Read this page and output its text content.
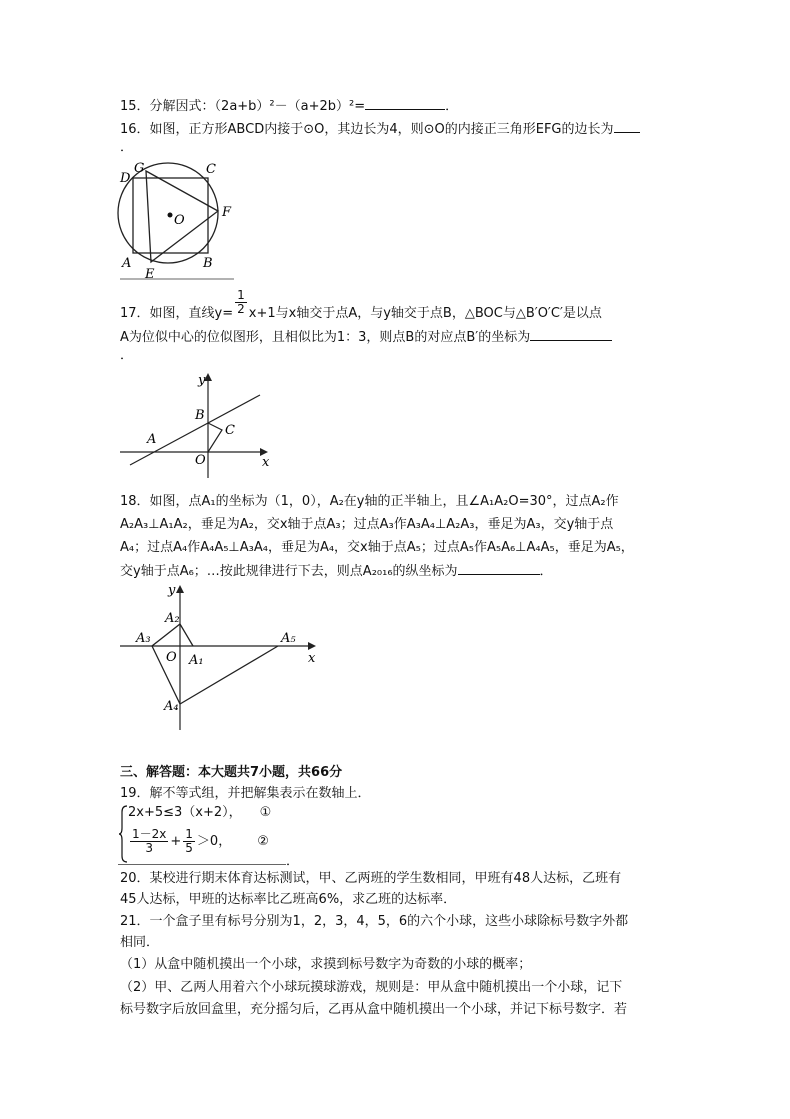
15．分解因式：（2a+b）²－（a+2b）²=	．
16．如图，正方形ABCD内接于⊙O，其边长为4，则⊙O的内接正三角形EFG的边长为
．
D
G	C
O
F
A
E
B
17．如图，直线$y= \frac{1}{2} x+1$与x轴交于点A，与y轴交于点B，△BOC与△B′O′C′是以点
A为位似中心的位似图形，且相似比为1：3，则点B的对应点B′的坐标为
．
y
B
C
A
O	x
18．如图，点A₁的坐标为（1，0），A₂在y轴的正半轴上，且∠A₁A₂O=30°，过点A₂作
A₂A₃⊥A₁A₂，垂足为A₂，交x轴于点A₃；过点A₃作A₃A₄⊥A₂A₃，垂足为A₃，交y轴于点
A₄；过点A₄作A₄A₅⊥A₃A₄，垂足为A₄，交x轴于点A₅；过点A₅作A₅A₆⊥A₄A₅，垂足为A₅，
交y轴于点A₆；…按此规律进行下去，则点A₂₀₁₆的纵坐标为	．
y
A₂
A₃
O A₁
A₅
x
A₄
三、解答题：本大题共7小题，共66分
19．解不等式组，并把解集表示在数轴上．
2x+5≤3（x+2）， ①
$\frac{1-2x}{3} + \frac{1}{5} >0$， ②
．
20．某校进行期末体育达标测试，甲、乙两班的学生数相同，甲班有48人达标，乙班有
45人达标，甲班的达标率比乙班高6%，求乙班的达标率．
21．一个盒子里有标号分别为1，2，3，4，5，6的六个小球，这些小球除标号数字外都
相同．
（1）从盒中随机摸出一个小球，求摸到标号数字为奇数的小球的概率；
（2）甲、乙两人用着六个小球玩摸球游戏，规则是：甲从盒中随机摸出一个小球，记下
标号数字后放回盒里，充分摇匀后，乙再从盒中随机摸出一个小球，并记下标号数字．若
